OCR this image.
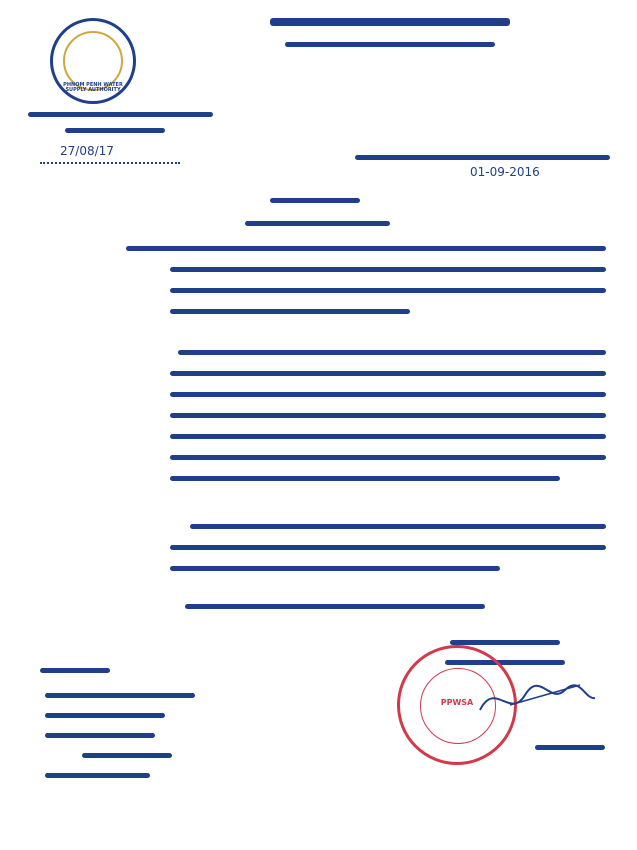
PHNOM PENH WATER SUPPLY AUTHORITY
27/08/17
01-09-2016
PPWSA
